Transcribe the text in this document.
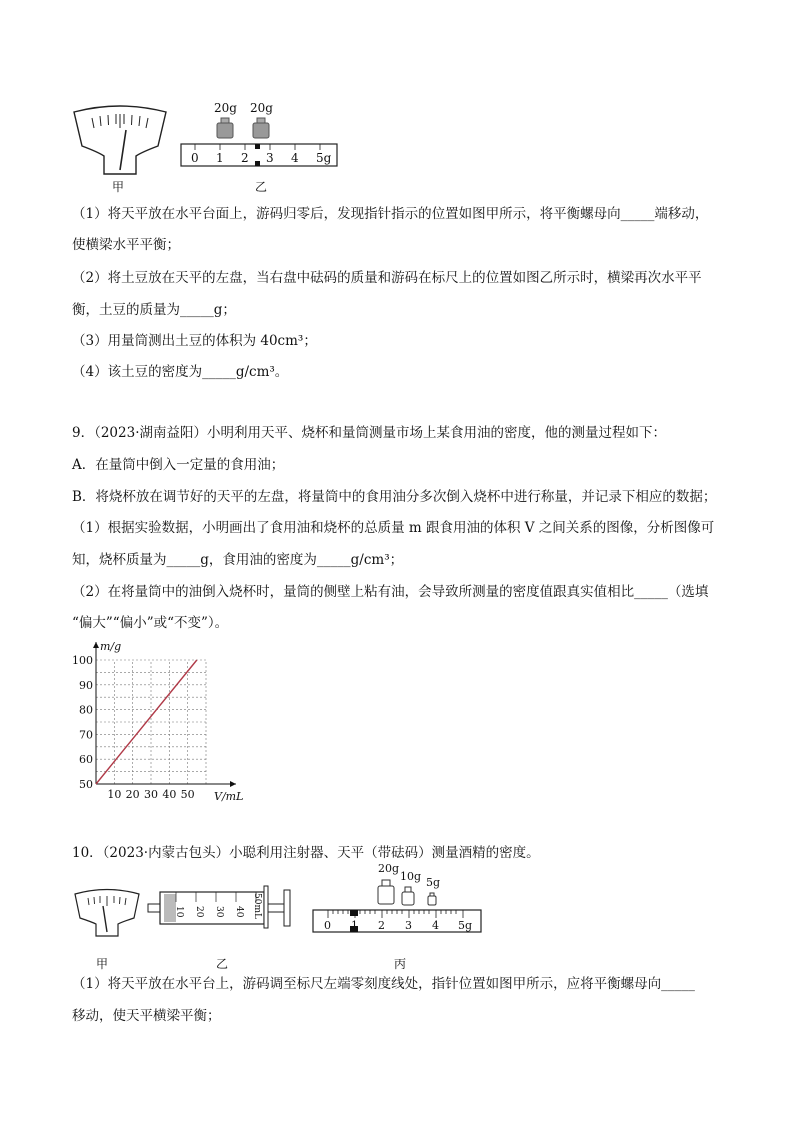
甲
20g 20g
0 1 2 3 4 5g
乙
（1）将天平放在水平台面上，游码归零后，发现指针指示的位置如图甲所示，将平衡螺母向_____端移动，
使横梁水平平衡；
（2）将土豆放在天平的左盘，当右盘中砝码的质量和游码在标尺上的位置如图乙所示时，横梁再次水平平
衡，土豆的质量为_____g；
（3）用量筒测出土豆的体积为 40cm³；
（4）该土豆的密度为_____g/cm³。
9．（2023·湖南益阳）小明利用天平、烧杯和量筒测量市场上某食用油的密度，他的测量过程如下：
A．在量筒中倒入一定量的食用油；
B．将烧杯放在调节好的天平的左盘，将量筒中的食用油分多次倒入烧杯中进行称量，并记录下相应的数据；
（1）根据实验数据，小明画出了食用油和烧杯的总质量 m 跟食用油的体积 V 之间关系的图像，分析图像可
知，烧杯质量为_____g，食用油的密度为_____g/cm³；
（2）在将量筒中的油倒入烧杯时，量筒的侧壁上粘有油，会导致所测量的密度值跟真实值相比_____（选填
“偏大”“偏小”或“不变”）。
10 20 30 40 50
50
60
70
80
90
100
m/g
V/mL
甲
10 20 30 40 50mL
乙
20g
10g 5g
0 1 2 3 4 5g
丙
10．（2023·内蒙古包头）小聪利用注射器、天平（带砝码）测量酒精的密度。
（1）将天平放在水平台上，游码调至标尺左端零刻度线处，指针位置如图甲所示，应将平衡螺母向_____
移动，使天平横梁平衡；
